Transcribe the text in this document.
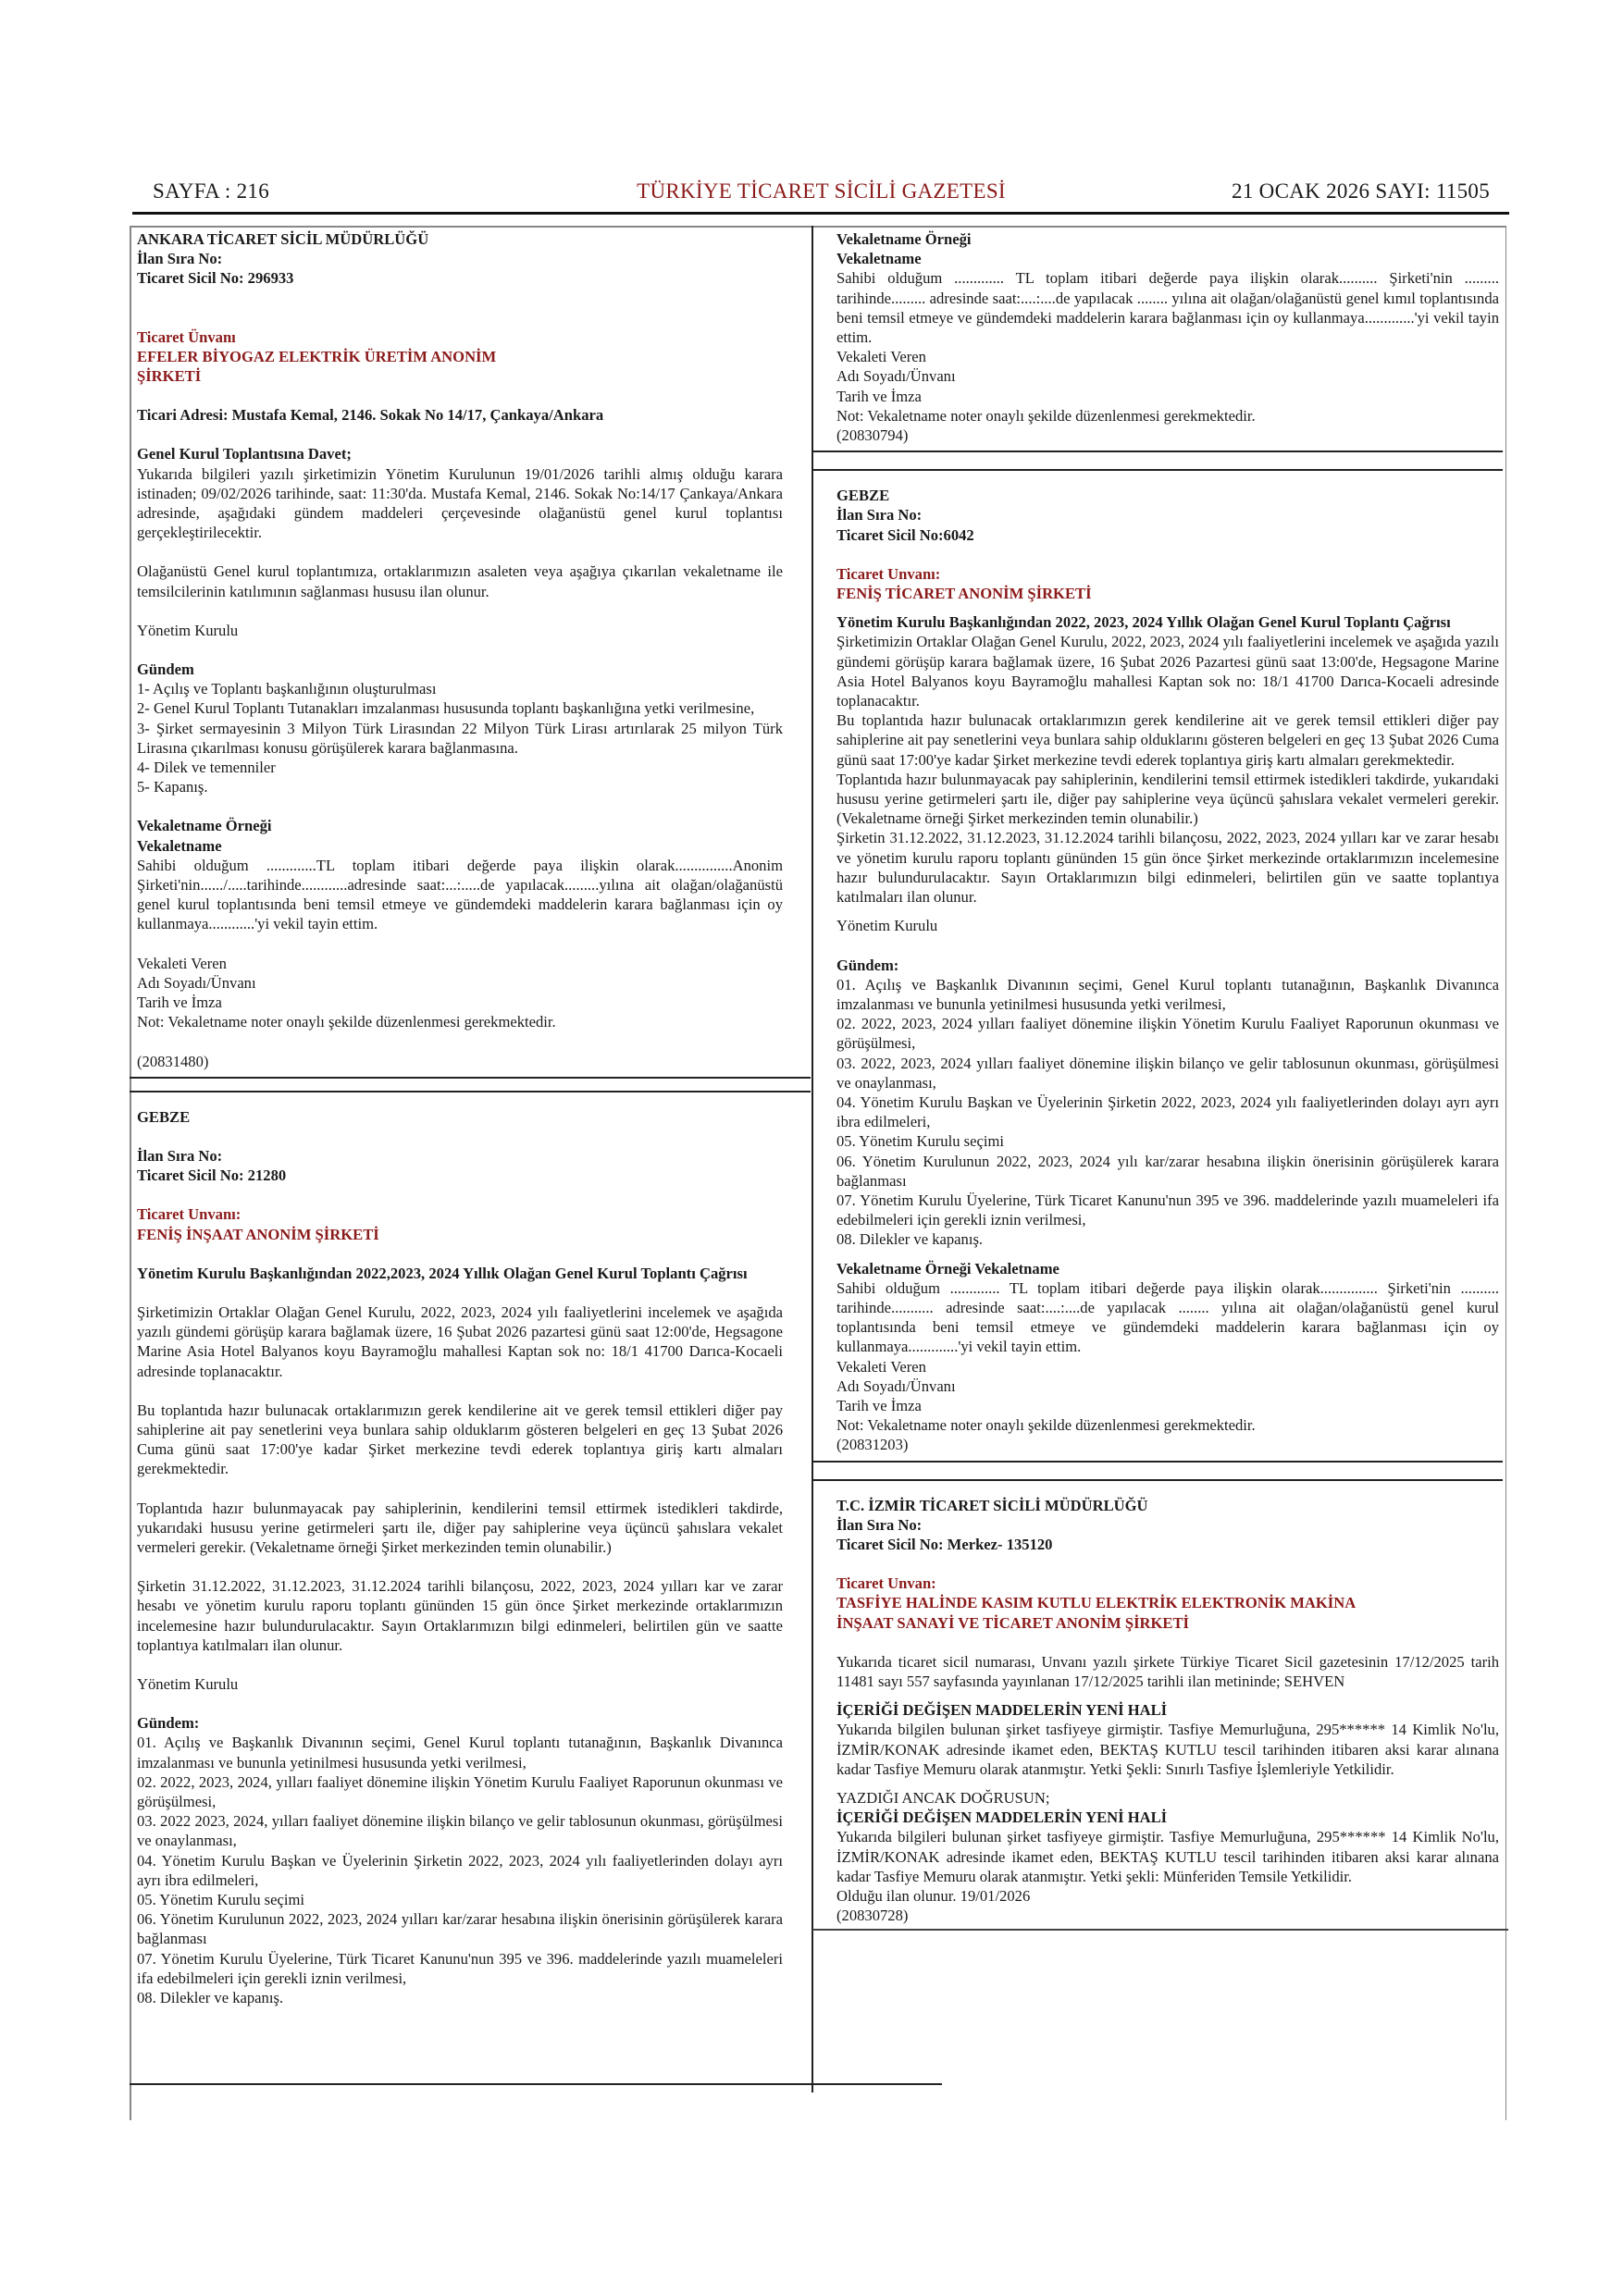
SAYFA : 216	TÜRKİYE TİCARET SİCİLİ GAZETESİ	21 OCAK 2026 SAYI: 11505

ANKARA TİCARET SİCİL MÜDÜRLÜĞÜ

İlan Sıra No:

Ticaret Sicil No: 296933

Ticaret Ünvanı

EFELER BİYOGAZ ELEKTRİK ÜRETİM ANONİM

ŞİRKETİ

Ticari Adresi: Mustafa Kemal, 2146. Sokak No 14/17, Çankaya/Ankara

Genel Kurul Toplantısına Davet;

Yukarıda bilgileri yazılı şirketimizin Yönetim Kurulunun 19/01/2026 tarihli almış olduğu karara istinaden; 09/02/2026 tarihinde, saat: 11:30'da. Mustafa Kemal, 2146. Sokak No:14/17 Çankaya/Ankara adresinde, aşağıdaki gündem maddeleri çerçevesinde olağanüstü genel kurul toplantısı gerçekleştirilecektir.

Olağanüstü Genel kurul toplantımıza, ortaklarımızın asaleten veya aşağıya çıkarılan vekaletname ile temsilcilerinin katılımının sağlanması hususu ilan olunur.

Yönetim Kurulu

Gündem

1- Açılış ve Toplantı başkanlığının oluşturulması

2- Genel Kurul Toplantı Tutanakları imzalanması hususunda toplantı başkanlığına yetki verilmesine,

3- Şirket sermayesinin 3 Milyon Türk Lirasından 22 Milyon Türk Lirası artırılarak 25 milyon Türk Lirasına çıkarılması konusu görüşülerek karara bağlanmasına.

4- Dilek ve temenniler

5- Kapanış.

Vekaletname Örneği

Vekaletname

Sahibi olduğum .............TL toplam itibari değerde paya ilişkin olarak...............Anonim Şirketi'nin....../.....tarihinde............adresinde saat:...:.....de yapılacak.........yılına ait olağan/olağanüstü genel kurul toplantısında beni temsil etmeye ve gündemdeki maddelerin karara bağlanması için oy kullanmaya............'yi vekil tayin ettim.

Vekaleti Veren

Adı Soyadı/Ünvanı

Tarih ve İmza

Not: Vekaletname noter onaylı şekilde düzenlenmesi gerekmektedir.

(20831480)

GEBZE

İlan Sıra No:

Ticaret Sicil No: 21280

Ticaret Unvanı:

FENİŞ İNŞAAT ANONİM ŞİRKETİ

Yönetim Kurulu Başkanlığından 2022,2023, 2024 Yıllık Olağan Genel Kurul Toplantı Çağrısı

Şirketimizin Ortaklar Olağan Genel Kurulu, 2022, 2023, 2024 yılı faaliyetlerini incelemek ve aşağıda yazılı gündemi görüşüp karara bağlamak üzere, 16 Şubat 2026 pazartesi günü saat 12:00'de, Hegsagone Marine Asia Hotel Balyanos koyu Bayramoğlu mahallesi Kaptan sok no: 18/1 41700 Darıca-Kocaeli adresinde toplanacaktır.

Bu toplantıda hazır bulunacak ortaklarımızın gerek kendilerine ait ve gerek temsil ettikleri diğer pay sahiplerine ait pay senetlerini veya bunlara sahip olduklarım gösteren belgeleri en geç 13 Şubat 2026 Cuma günü saat 17:00'ye kadar Şirket merkezine tevdi ederek toplantıya giriş kartı almaları gerekmektedir.

Toplantıda hazır bulunmayacak pay sahiplerinin, kendilerini temsil ettirmek istedikleri takdirde, yukarıdaki hususu yerine getirmeleri şartı ile, diğer pay sahiplerine veya üçüncü şahıslara vekalet vermeleri gerekir. (Vekaletname örneği Şirket merkezinden temin olunabilir.)

Şirketin 31.12.2022, 31.12.2023, 31.12.2024 tarihli bilançosu, 2022, 2023, 2024 yılları kar ve zarar hesabı ve yönetim kurulu raporu toplantı gününden 15 gün önce Şirket merkezinde ortaklarımızın incelemesine hazır bulundurulacaktır. Sayın Ortaklarımızın bilgi edinmeleri, belirtilen gün ve saatte toplantıya katılmaları ilan olunur.

Yönetim Kurulu

Gündem:

01. Açılış ve Başkanlık Divanının seçimi, Genel Kurul toplantı tutanağının, Başkanlık Divanınca imzalanması ve bununla yetinilmesi hususunda yetki verilmesi,

02. 2022, 2023, 2024, yılları faaliyet dönemine ilişkin Yönetim Kurulu Faaliyet Raporunun okunması ve görüşülmesi,

03. 2022 2023, 2024, yılları faaliyet dönemine ilişkin bilanço ve gelir tablosunun okunması, görüşülmesi ve onaylanması,

04. Yönetim Kurulu Başkan ve Üyelerinin Şirketin 2022, 2023, 2024 yılı faaliyetlerinden dolayı ayrı ayrı ibra edilmeleri,

05. Yönetim Kurulu seçimi

06. Yönetim Kurulunun 2022, 2023, 2024 yılları kar/zarar hesabına ilişkin önerisinin görüşülerek karara bağlanması

07. Yönetim Kurulu Üyelerine, Türk Ticaret Kanunu'nun 395 ve 396. maddelerinde yazılı muameleleri ifa edebilmeleri için gerekli iznin verilmesi,

08. Dilekler ve kapanış.

Vekaletname Örneği

Vekaletname

Sahibi olduğum ............. TL toplam itibari değerde paya ilişkin olarak.......... Şirketi'nin ......... tarihinde......... adresinde saat:....:....de yapılacak ........ yılına ait olağan/olağanüstü genel kımıl toplantısında beni temsil etmeye ve gündemdeki maddelerin karara bağlanması için oy kullanmaya.............'yi vekil tayin ettim.

Vekaleti Veren

Adı Soyadı/Ünvanı

Tarih ve İmza

Not: Vekaletname noter onaylı şekilde düzenlenmesi gerekmektedir.

(20830794)

GEBZE

İlan Sıra No:

Ticaret Sicil No:6042

Ticaret Unvanı:

FENİŞ TİCARET ANONİM ŞİRKETİ

Yönetim Kurulu Başkanlığından 2022, 2023, 2024 Yıllık Olağan Genel Kurul Toplantı Çağrısı

Şirketimizin Ortaklar Olağan Genel Kurulu, 2022, 2023, 2024 yılı faaliyetlerini incelemek ve aşağıda yazılı gündemi görüşüp karara bağlamak üzere, 16 Şubat 2026 Pazartesi günü saat 13:00'de, Hegsagone Marine Asia Hotel Balyanos koyu Bayramoğlu mahallesi Kaptan sok no: 18/1 41700 Darıca-Kocaeli adresinde toplanacaktır.

Bu toplantıda hazır bulunacak ortaklarımızın gerek kendilerine ait ve gerek temsil ettikleri diğer pay sahiplerine ait pay senetlerini veya bunlara sahip olduklarını gösteren belgeleri en geç 13 Şubat 2026 Cuma günü saat 17:00'ye kadar Şirket merkezine tevdi ederek toplantıya giriş kartı almaları gerekmektedir.

Toplantıda hazır bulunmayacak pay sahiplerinin, kendilerini temsil ettirmek istedikleri takdirde, yukarıdaki hususu yerine getirmeleri şartı ile, diğer pay sahiplerine veya üçüncü şahıslara vekalet vermeleri gerekir. (Vekaletname örneği Şirket merkezinden temin olunabilir.)

Şirketin 31.12.2022, 31.12.2023, 31.12.2024 tarihli bilançosu, 2022, 2023, 2024 yılları kar ve zarar hesabı ve yönetim kurulu raporu toplantı gününden 15 gün önce Şirket merkezinde ortaklarımızın incelemesine hazır bulundurulacaktır. Sayın Ortaklarımızın bilgi edinmeleri, belirtilen gün ve saatte toplantıya katılmaları ilan olunur.

Yönetim Kurulu

Gündem:

01. Açılış ve Başkanlık Divanının seçimi, Genel Kurul toplantı tutanağının, Başkanlık Divanınca imzalanması ve bununla yetinilmesi hususunda yetki verilmesi,

02. 2022, 2023, 2024 yılları faaliyet dönemine ilişkin Yönetim Kurulu Faaliyet Raporunun okunması ve görüşülmesi,

03. 2022, 2023, 2024 yılları faaliyet dönemine ilişkin bilanço ve gelir tablosunun okunması, görüşülmesi ve onaylanması,

04. Yönetim Kurulu Başkan ve Üyelerinin Şirketin 2022, 2023, 2024 yılı faaliyetlerinden dolayı ayrı ayrı ibra edilmeleri,

05. Yönetim Kurulu seçimi

06. Yönetim Kurulunun 2022, 2023, 2024 yılı kar/zarar hesabına ilişkin önerisinin görüşülerek karara bağlanması

07. Yönetim Kurulu Üyelerine, Türk Ticaret Kanunu'nun 395 ve 396. maddelerinde yazılı muameleleri ifa edebilmeleri için gerekli iznin verilmesi,

08. Dilekler ve kapanış.

Vekaletname Örneği Vekaletname

Sahibi olduğum ............. TL toplam itibari değerde paya ilişkin olarak............... Şirketi'nin .......... tarihinde........... adresinde saat:....:....de yapılacak ........ yılına ait olağan/olağanüstü genel kurul toplantısında beni temsil etmeye ve gündemdeki maddelerin karara bağlanması için oy kullanmaya.............'yi vekil tayin ettim.

Vekaleti Veren

Adı Soyadı/Ünvanı

Tarih ve İmza

Not: Vekaletname noter onaylı şekilde düzenlenmesi gerekmektedir.

(20831203)

T.C. İZMİR TİCARET SİCİLİ MÜDÜRLÜĞÜ

İlan Sıra No:

Ticaret Sicil No: Merkez- 135120

Ticaret Unvan:

TASFİYE HALİNDE KASIM KUTLU ELEKTRİK ELEKTRONİK MAKİNA

İNŞAAT SANAYİ VE TİCARET ANONİM ŞİRKETİ

Yukarıda ticaret sicil numarası, Unvanı yazılı şirkete Türkiye Ticaret Sicil gazetesinin 17/12/2025 tarih 11481 sayı 557 sayfasında yayınlanan 17/12/2025 tarihli ilan metininde; SEHVEN

İÇERİĞİ DEĞİŞEN MADDELERİN YENİ HALİ

Yukarıda bilgilen bulunan şirket tasfiyeye girmiştir. Tasfiye Memurluğuna, 295****** 14 Kimlik No'lu, İZMİR/KONAK adresinde ikamet eden, BEKTAŞ KUTLU tescil tarihinden itibaren aksi karar alınana kadar Tasfiye Memuru olarak atanmıştır. Yetki Şekli: Sınırlı Tasfiye İşlemleriyle Yetkilidir.

YAZDIĞI ANCAK DOĞRUSUN;

İÇERİĞİ DEĞİŞEN MADDELERİN YENİ HALİ

Yukarıda bilgileri bulunan şirket tasfiyeye girmiştir. Tasfiye Memurluğuna, 295****** 14 Kimlik No'lu, İZMİR/KONAK adresinde ikamet eden, BEKTAŞ KUTLU tescil tarihinden itibaren aksi karar alınana kadar Tasfiye Memuru olarak atanmıştır. Yetki şekli: Münferiden Temsile Yetkilidir.

Olduğu ilan olunur. 19/01/2026

(20830728)
